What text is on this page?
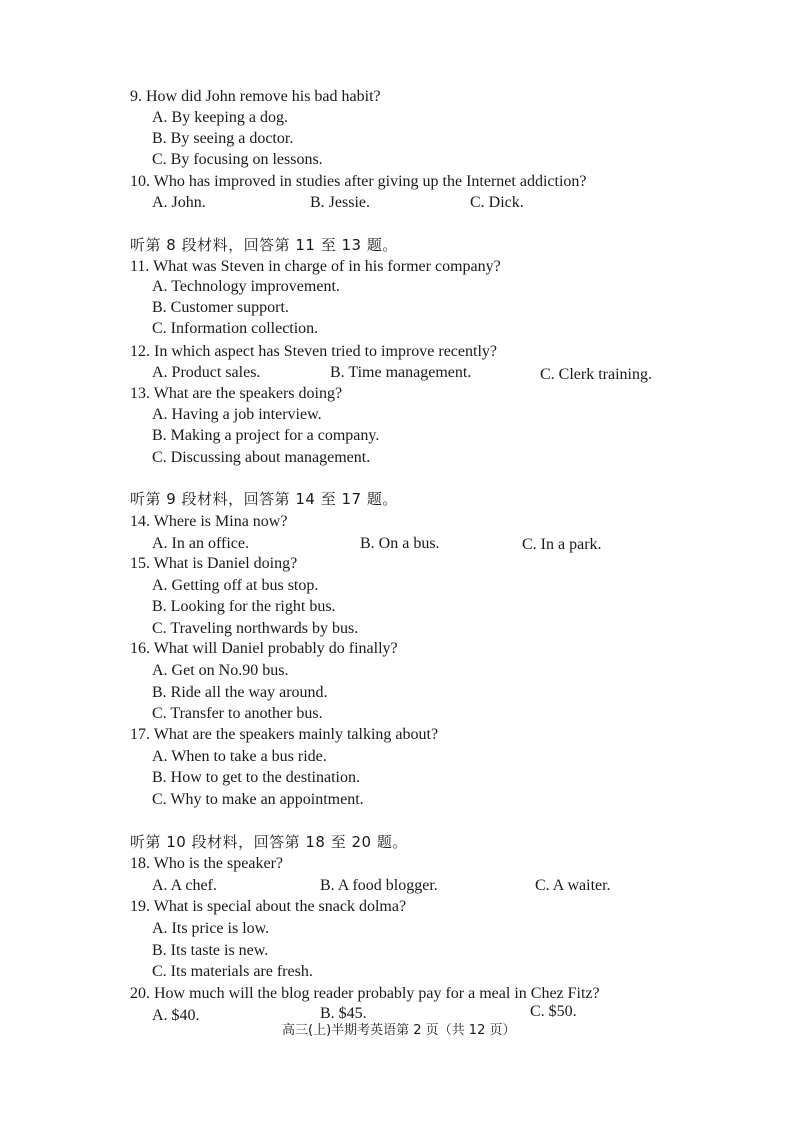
9. How did John remove his bad habit?
A. By keeping a dog.
B. By seeing a doctor.
C. By focusing on lessons.
10. Who has improved in studies after giving up the Internet addiction?
A. John.	B. Jessie.	C. Dick.
听第 8 段材料，回答第 11 至 13 题。
11. What was Steven in charge of in his former company?
A. Technology improvement.
B. Customer support.
C. Information collection.
12. In which aspect has Steven tried to improve recently?
A. Product sales.	B. Time management.	C. Clerk training.
13. What are the speakers doing?
A. Having a job interview.
B. Making a project for a company.
C. Discussing about management.
听第 9 段材料，回答第 14 至 17 题。
14. Where is Mina now?
A. In an office.	B. On a bus.	C. In a park.
15. What is Daniel doing?
A. Getting off at bus stop.
B. Looking for the right bus.
C. Traveling northwards by bus.
16. What will Daniel probably do finally?
A. Get on No.90 bus.
B. Ride all the way around.
C. Transfer to another bus.
17. What are the speakers mainly talking about?
A. When to take a bus ride.
B. How to get to the destination.
C. Why to make an appointment.
听第 10 段材料，回答第 18 至 20 题。
18. Who is the speaker?
A. A chef.	B. A food blogger.	C. A waiter.
19. What is special about the snack dolma?
A. Its price is low.
B. Its taste is new.
C. Its materials are fresh.
20. How much will the blog reader probably pay for a meal in Chez Fitz?
A. $40.	B. $45.	C. $50.
高三(上)半期考英语第 2 页（共 12 页）
